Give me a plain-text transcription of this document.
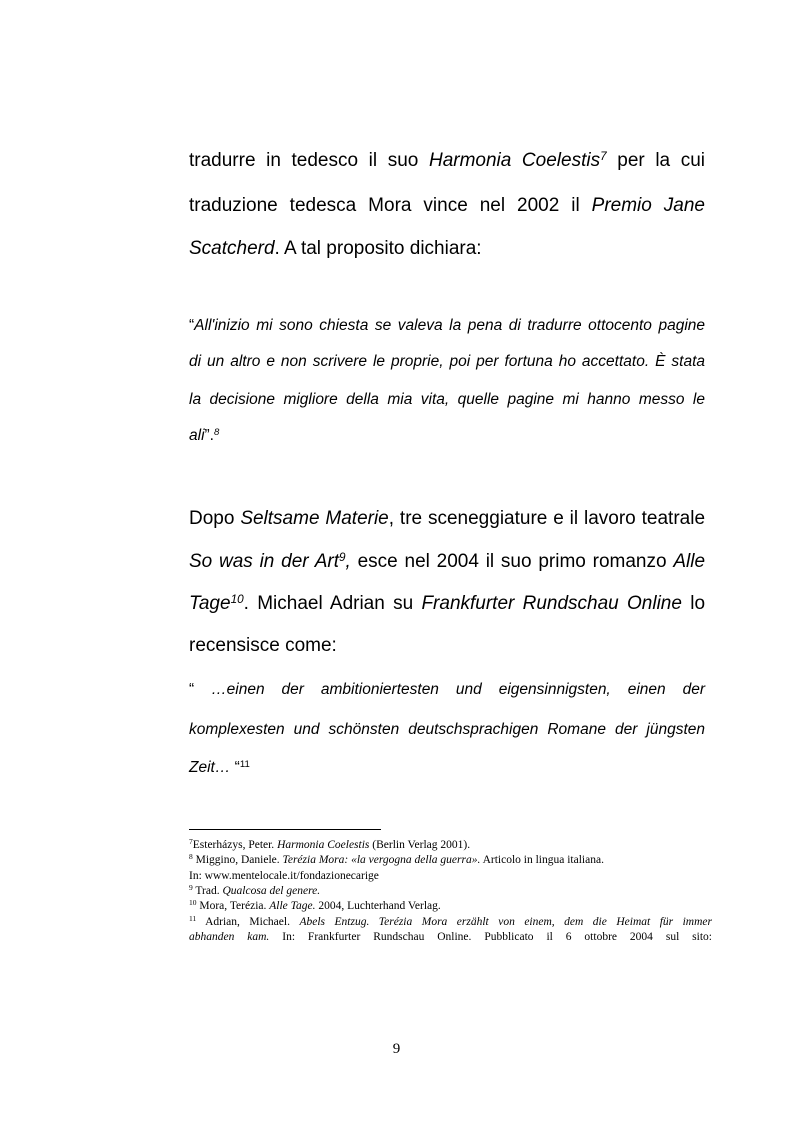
tradurre in tedesco il suo Harmonia Coelestis$^7$ per la cui
traduzione tedesca Mora vince nel 2002 il Premio Jane
Scatcherd. A tal proposito dichiara:
“All'inizio mi sono chiesta se valeva la pena di tradurre ottocento pagine
di un altro e non scrivere le proprie, poi per fortuna ho accettato. È stata
la decisione migliore della mia vita, quelle pagine mi hanno messo le
ali”.$^8$
Dopo Seltsame Materie, tre sceneggiature e il lavoro teatrale
So was in der Art$^9$, esce nel 2004 il suo primo romanzo Alle
Tage$^{10}$. Michael Adrian su Frankfurter Rundschau Online lo
recensisce come:
“ …einen der ambitioniertesten und eigensinnigsten, einen der
komplexesten und schönsten deutschsprachigen Romane der jüngsten
Zeit… “$^{11}$
$^7$Esterházys, Peter. Harmonia Coelestis (Berlin Verlag 2001).
$^8$ Miggino, Daniele. Terézia Mora: «la vergogna della guerra». Articolo in lingua italiana.
In: www.mentelocale.it/fondazionecarige
$^9$ Trad. Qualcosa del genere.
$^{10}$ Mora, Terézia. Alle Tage. 2004, Luchterhand Verlag.
$^{11}$ Adrian, Michael. Abels Entzug. Terézia Mora erzählt von einem, dem die Heimat für immer
abhanden kam. In: Frankfurter Rundschau Online. Pubblicato il 6 ottobre 2004 sul sito:
9
